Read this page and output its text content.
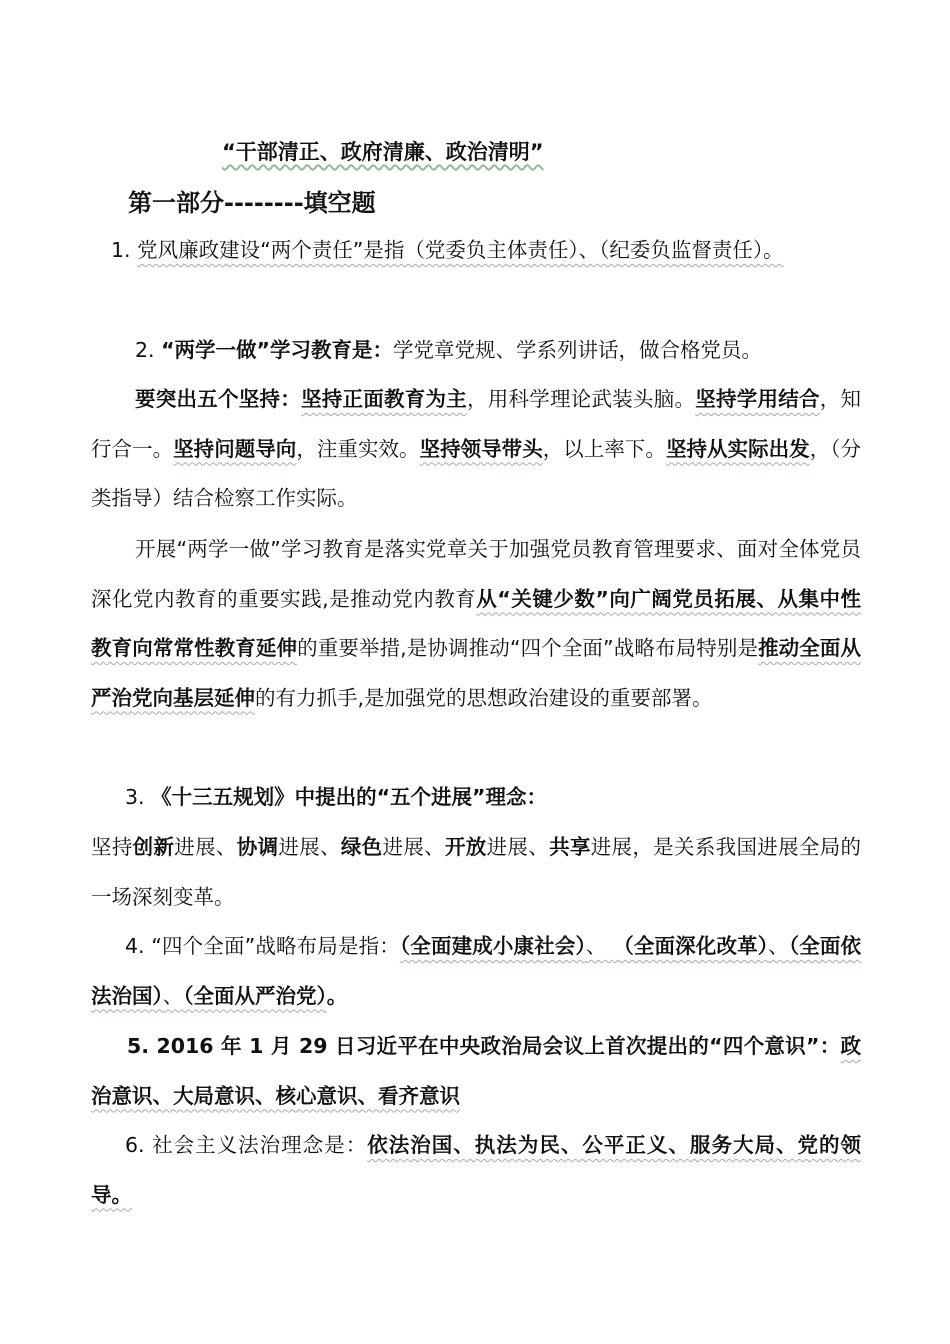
“干部清正、政府清廉、政治清明”
第一部分--------填空题
1. 党风廉政建设“两个责任”是指（党委负主体责任）、（纪委负监督责任）。
2. “两学一做”学习教育是：学党章党规、学系列讲话，做合格党员。
要突出五个坚持：坚持正面教育为主，用科学理论武装头脑。坚持学用结合，知行合一。坚持问题导向，注重实效。坚持领导带头，以上率下。坚持从实际出发，（分类指导）结合检察工作实际。
开展“两学一做”学习教育是落实党章关于加强党员教育管理要求、面对全体党员深化党内教育的重要实践,是推动党内教育从“关键少数”向广阔党员拓展、从集中性教育向常常性教育延伸的重要举措,是协调推动“四个全面”战略布局特别是推动全面从严治党向基层延伸的有力抓手,是加强党的思想政治建设的重要部署。
3. 《十三五规划》中提出的“五个进展”理念：
坚持创新进展、协调进展、绿色进展、开放进展、共享进展，是关系我国进展全局的一场深刻变革。
4. “四个全面”战略布局是指：（全面建成小康社会）、 （全面深化改革）、（全面依法治国）、（全面从严治党）。
5. 2016 年 1 月 29 日习近平在中央政治局会议上首次提出的“四个意识”：政治意识、大局意识、核心意识、看齐意识
6. 社会主义法治理念是：依法治国、执法为民、公平正义、服务大局、党的领导。
